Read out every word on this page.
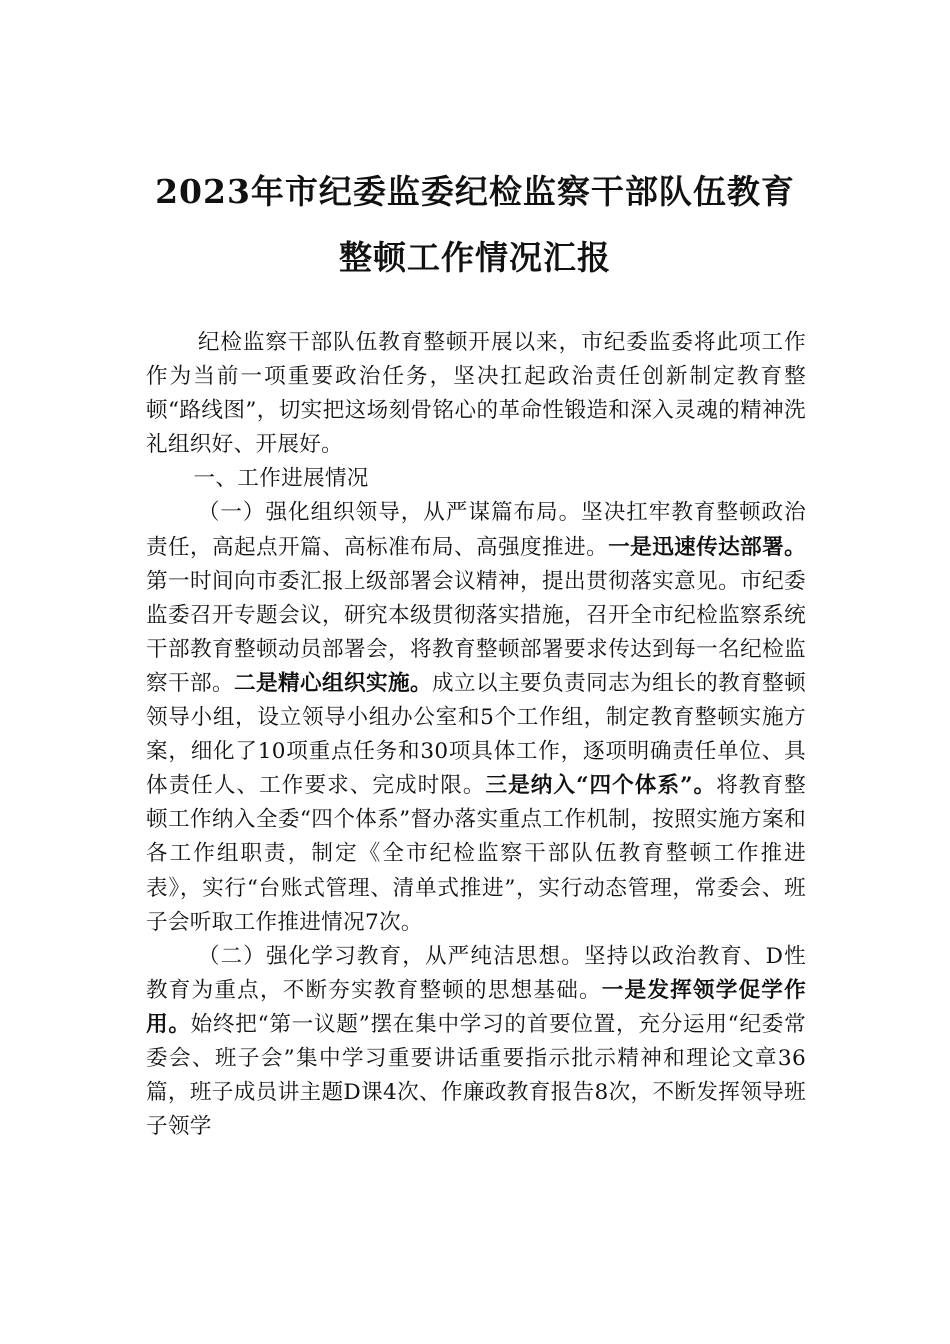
2023年市纪委监委纪检监察干部队伍教育
整顿工作情况汇报

纪检监察干部队伍教育整顿开展以来，市纪委监委将此项工作作为当前一项重要政治任务，坚决扛起政治责任创新制定教育整顿“路线图”，切实把这场刻骨铭心的革命性锻造和深入灵魂的精神洗礼组织好、开展好。

一、工作进展情况

（一）强化组织领导，从严谋篇布局。坚决扛牢教育整顿政治责任，高起点开篇、高标准布局、高强度推进。一是迅速传达部署。第一时间向市委汇报上级部署会议精神，提出贯彻落实意见。市纪委监委召开专题会议，研究本级贯彻落实措施，召开全市纪检监察系统干部教育整顿动员部署会，将教育整顿部署要求传达到每一名纪检监察干部。二是精心组织实施。成立以主要负责同志为组长的教育整顿领导小组，设立领导小组办公室和5个工作组，制定教育整顿实施方案，细化了10项重点任务和30项具体工作，逐项明确责任单位、具体责任人、工作要求、完成时限。三是纳入“四个体系”。将教育整顿工作纳入全委“四个体系”督办落实重点工作机制，按照实施方案和各工作组职责，制定《全市纪检监察干部队伍教育整顿工作推进表》，实行“台账式管理、清单式推进”，实行动态管理，常委会、班子会听取工作推进情况7次。

（二）强化学习教育，从严纯洁思想。坚持以政治教育、D性教育为重点，不断夯实教育整顿的思想基础。一是发挥领学促学作用。始终把“第一议题”摆在集中学习的首要位置，充分运用“纪委常委会、班子会”集中学习重要讲话重要指示批示精神和理论文章36篇，班子成员讲主题D课4次、作廉政教育报告8次，不断发挥领导班子领学
